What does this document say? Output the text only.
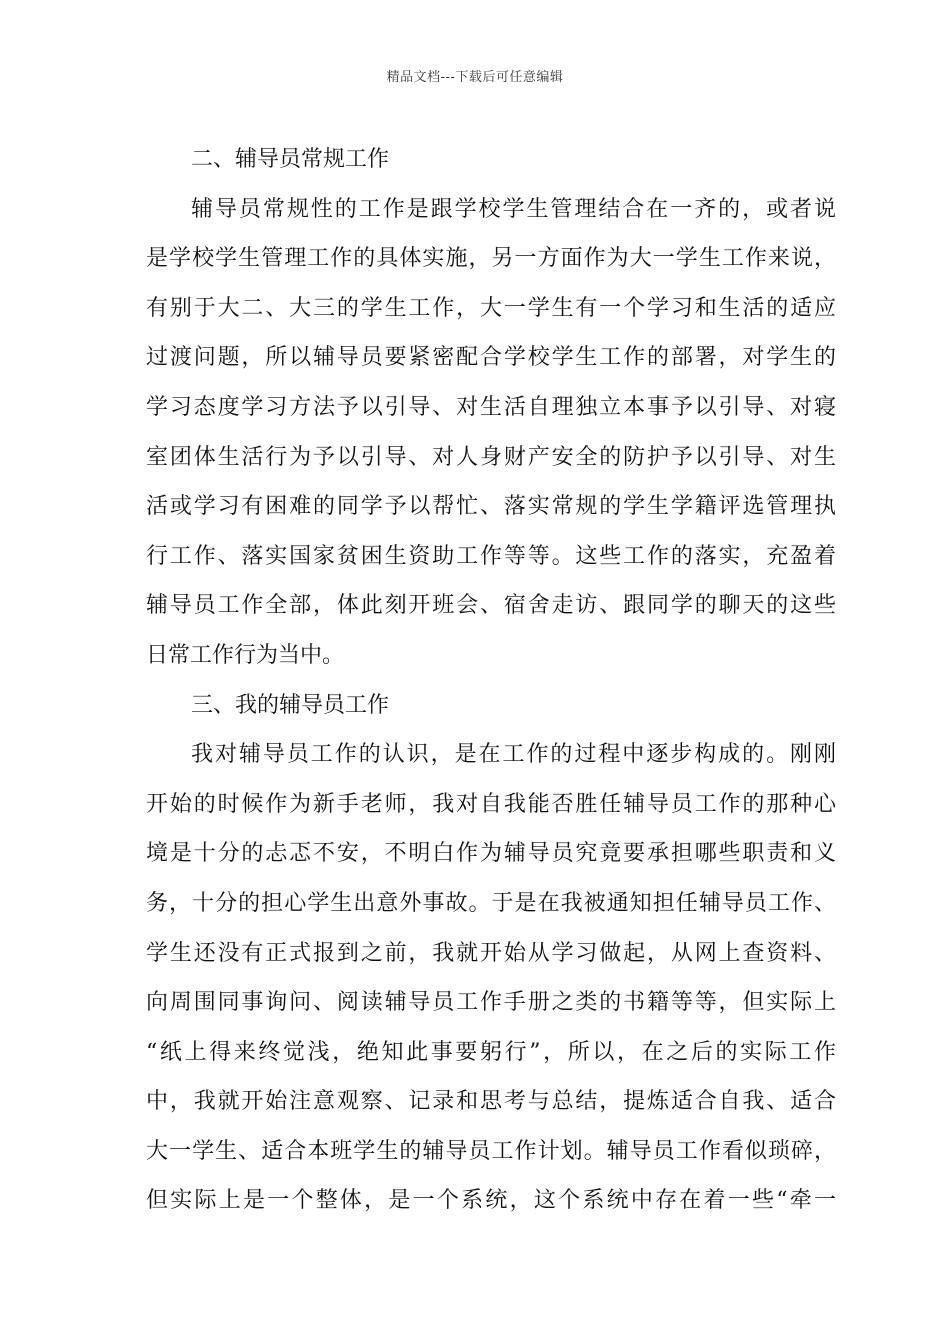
精品文档---下载后可任意编辑
二、辅导员常规工作
辅导员常规性的工作是跟学校学生管理结合在一齐的，或者说
是学校学生管理工作的具体实施，另一方面作为大一学生工作来说，
有别于大二、大三的学生工作，大一学生有一个学习和生活的适应
过渡问题，所以辅导员要紧密配合学校学生工作的部署，对学生的
学习态度学习方法予以引导、对生活自理独立本事予以引导、对寝
室团体生活行为予以引导、对人身财产安全的防护予以引导、对生
活或学习有困难的同学予以帮忙、落实常规的学生学籍评选管理执
行工作、落实国家贫困生资助工作等等。这些工作的落实，充盈着
辅导员工作全部，体此刻开班会、宿舍走访、跟同学的聊天的这些
日常工作行为当中。
三、我的辅导员工作
我对辅导员工作的认识，是在工作的过程中逐步构成的。刚刚
开始的时候作为新手老师，我对自我能否胜任辅导员工作的那种心
境是十分的忐忑不安，不明白作为辅导员究竟要承担哪些职责和义
务，十分的担心学生出意外事故。于是在我被通知担任辅导员工作、
学生还没有正式报到之前，我就开始从学习做起，从网上查资料、
向周围同事询问、阅读辅导员工作手册之类的书籍等等，但实际上
“纸上得来终觉浅，绝知此事要躬行”，所以，在之后的实际工作
中，我就开始注意观察、记录和思考与总结，提炼适合自我、适合
大一学生、适合本班学生的辅导员工作计划。辅导员工作看似琐碎，
但实际上是一个整体，是一个系统，这个系统中存在着一些“牵一
